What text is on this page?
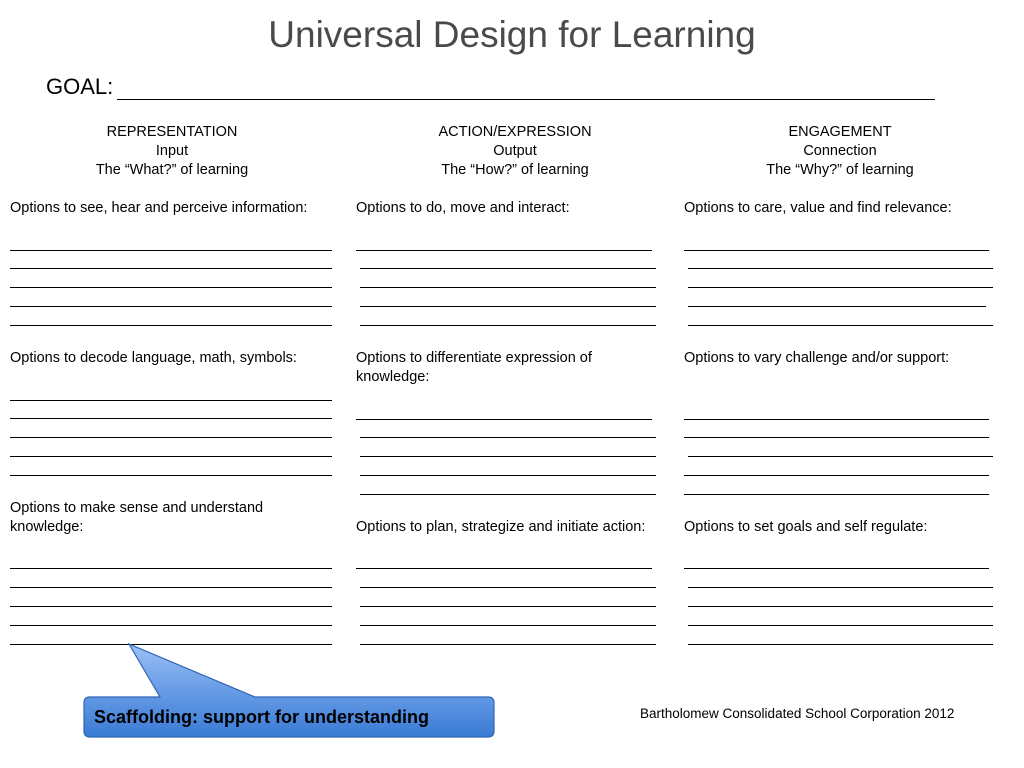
Universal Design for Learning
GOAL:
REPRESENTATION
Input
The “What?” of learning
ACTION/EXPRESSION
Output
The “How?” of learning
ENGAGEMENT
Connection
The “Why?” of learning
Options to see, hear and perceive information:
Options to decode language, math, symbols:
Options to make sense and understand knowledge:
Options to do, move and interact:
Options to differentiate expression of knowledge:
Options to plan, strategize and initiate action:
Options to care, value and find relevance:
Options to vary challenge and/or support:
Options to set goals and self regulate:
Scaffolding: support for understanding	Bartholomew Consolidated School Corporation 2012
